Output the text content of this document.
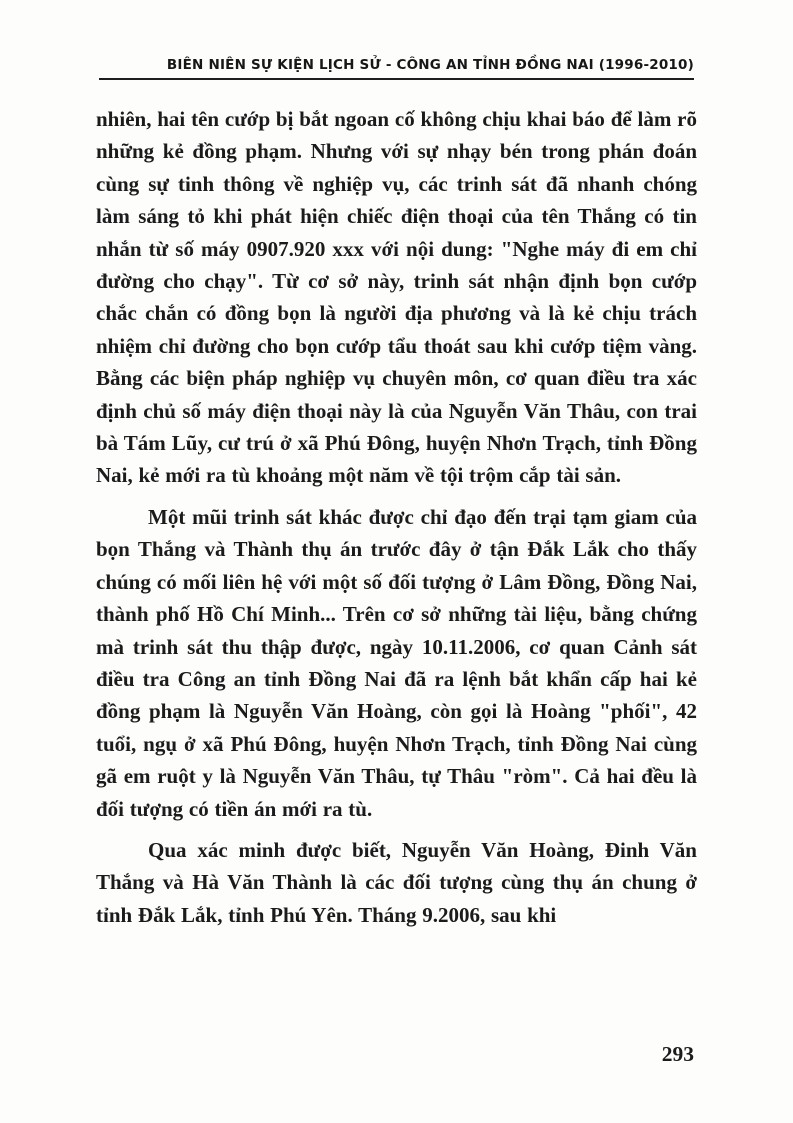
BIÊN NIÊN SỰ KIỆN LỊCH SỬ - CÔNG AN TỈNH ĐỒNG NAI (1996-2010)

nhiên, hai tên cướp bị bắt ngoan cố không chịu khai báo để làm rõ những kẻ đồng phạm. Nhưng với sự nhạy bén trong phán đoán cùng sự tinh thông về nghiệp vụ, các trinh sát đã nhanh chóng làm sáng tỏ khi phát hiện chiếc điện thoại của tên Thắng có tin nhắn từ số máy 0907.920 xxx với nội dung: "Nghe máy đi em chỉ đường cho chạy". Từ cơ sở này, trinh sát nhận định bọn cướp chắc chắn có đồng bọn là người địa phương và là kẻ chịu trách nhiệm chỉ đường cho bọn cướp tẩu thoát sau khi cướp tiệm vàng. Bằng các biện pháp nghiệp vụ chuyên môn, cơ quan điều tra xác định chủ số máy điện thoại này là của Nguyễn Văn Thâu, con trai bà Tám Lũy, cư trú ở xã Phú Đông, huyện Nhơn Trạch, tỉnh Đồng Nai, kẻ mới ra tù khoảng một năm về tội trộm cắp tài sản.

Một mũi trinh sát khác được chỉ đạo đến trại tạm giam của bọn Thắng và Thành thụ án trước đây ở tận Đắk Lắk cho thấy chúng có mối liên hệ với một số đối tượng ở Lâm Đồng, Đồng Nai, thành phố Hồ Chí Minh... Trên cơ sở những tài liệu, bằng chứng mà trinh sát thu thập được, ngày 10.11.2006, cơ quan Cảnh sát điều tra Công an tỉnh Đồng Nai đã ra lệnh bắt khẩn cấp hai kẻ đồng phạm là Nguyễn Văn Hoàng, còn gọi là Hoàng "phối", 42 tuổi, ngụ ở xã Phú Đông, huyện Nhơn Trạch, tỉnh Đồng Nai cùng gã em ruột y là Nguyễn Văn Thâu, tự Thâu "ròm". Cả hai đều là đối tượng có tiền án mới ra tù.

Qua xác minh được biết, Nguyễn Văn Hoàng, Đinh Văn Thắng và Hà Văn Thành là các đối tượng cùng thụ án chung ở tỉnh Đắk Lắk, tỉnh Phú Yên. Tháng 9.2006, sau khi

293
